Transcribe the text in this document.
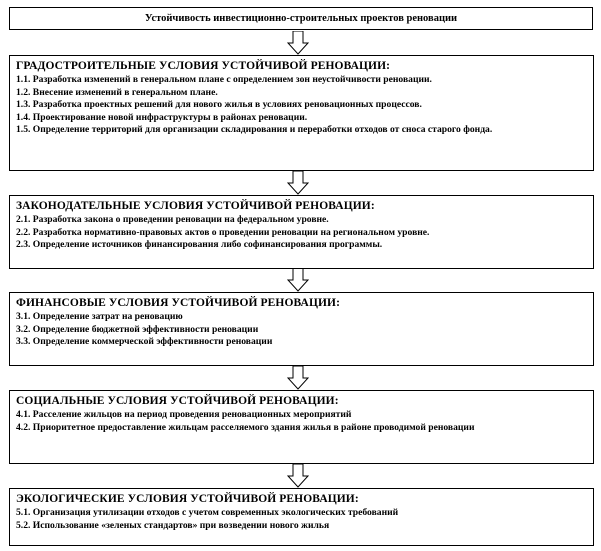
Устойчивость инвестиционно-строительных проектов реновации

ГРАДОСТРОИТЕЛЬНЫЕ УСЛОВИЯ УСТОЙЧИВОЙ РЕНОВАЦИИ:

1.1. Разработка изменений в генеральном плане с определением зон неустойчивости реновации.

1.2. Внесение изменений в генеральном плане.

1.3. Разработка проектных решений для нового жилья в условиях реновационных процессов.

1.4. Проектирование новой инфраструктуры в районах реновации.

1.5. Определение территорий для организации складирования и переработки отходов от сноса старого фонда.

ЗАКОНОДАТЕЛЬНЫЕ УСЛОВИЯ УСТОЙЧИВОЙ РЕНОВАЦИИ:

2.1. Разработка закона о проведении реновации на федеральном уровне.

2.2. Разработка нормативно-правовых актов о проведении реновации на региональном уровне.

2.3. Определение источников финансирования либо софинансирования программы.

ФИНАНСОВЫЕ УСЛОВИЯ УСТОЙЧИВОЙ РЕНОВАЦИИ:

3.1. Определение затрат на реновацию

3.2. Определение бюджетной эффективности реновации

3.3. Определение коммерческой эффективности реновации

СОЦИАЛЬНЫЕ УСЛОВИЯ УСТОЙЧИВОЙ РЕНОВАЦИИ:

4.1. Расселение жильцов на период проведения реновационных мероприятий

4.2. Приоритетное предоставление жильцам расселяемого здания жилья в районе проводимой реновации

ЭКОЛОГИЧЕСКИЕ УСЛОВИЯ УСТОЙЧИВОЙ РЕНОВАЦИИ:

5.1. Организация утилизации отходов с учетом современных экологических требований

5.2. Использование «зеленых стандартов» при возведении нового жилья
